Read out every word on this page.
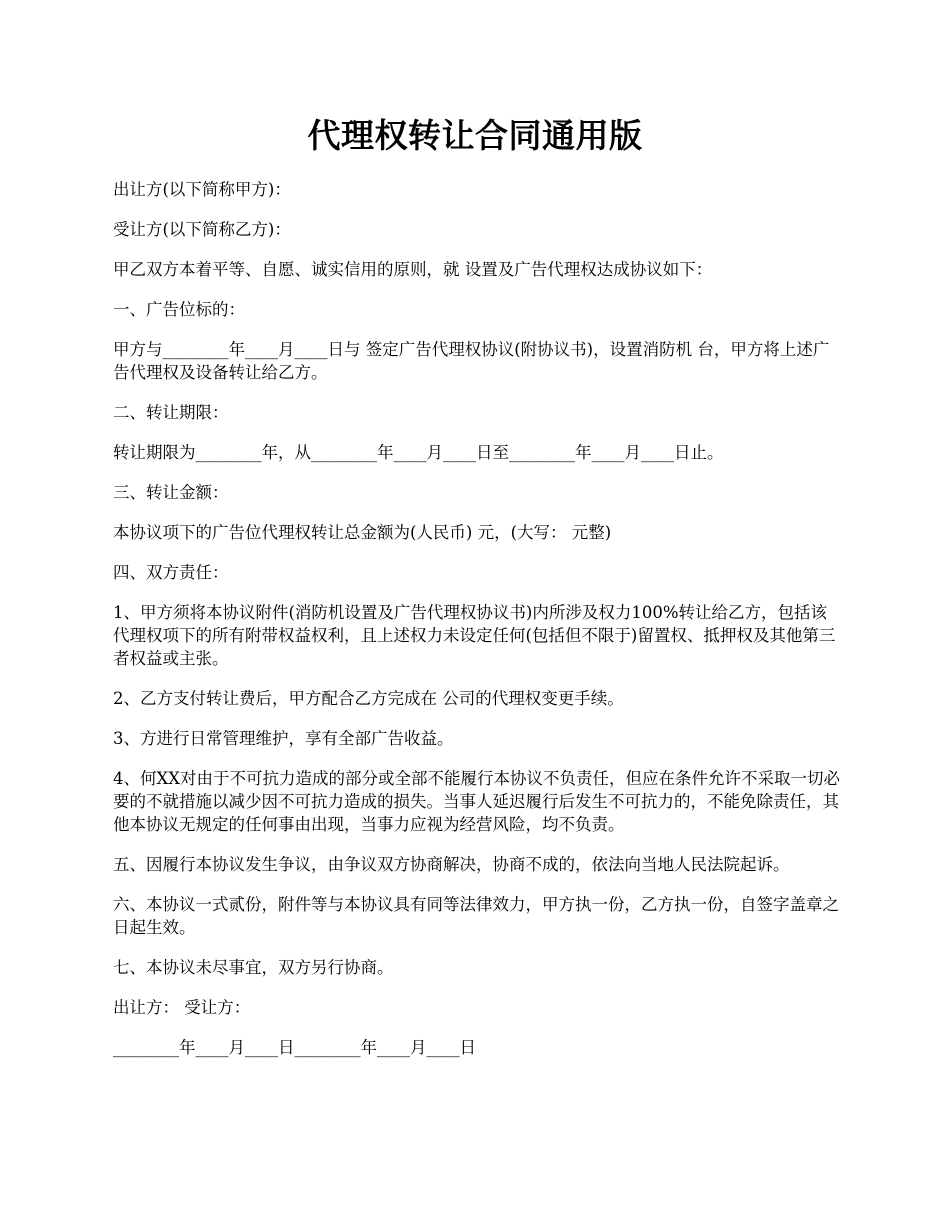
代理权转让合同通用版

出让方(以下简称甲方)：

受让方(以下简称乙方)：

甲乙双方本着平等、自愿、诚实信用的原则，就 设置及广告代理权达成协议如下：

一、广告位标的：

甲方与________年____月____日与 签定广告代理权协议(附协议书)，设置消防机 台，甲方将上述广告代理权及设备转让给乙方。

二、转让期限：

转让期限为________年，从________年____月____日至________年____月____日止。

三、转让金额：

本协议项下的广告位代理权转让总金额为(人民币) 元，(大写： 元整)

四、双方责任：

1、甲方须将本协议附件(消防机设置及广告代理权协议书)内所涉及权力100%转让给乙方，包括该代理权项下的所有附带权益权利，且上述权力未设定任何(包括但不限于)留置权、抵押权及其他第三者权益或主张。

2、乙方支付转让费后，甲方配合乙方完成在 公司的代理权变更手续。

3、方进行日常管理维护，享有全部广告收益。

4、何XX对由于不可抗力造成的部分或全部不能履行本协议不负责任，但应在条件允许不采取一切必要的不就措施以减少因不可抗力造成的损失。当事人延迟履行后发生不可抗力的，不能免除责任，其他本协议无规定的任何事由出现，当事力应视为经营风险，均不负责。

五、因履行本协议发生争议，由争议双方协商解决，协商不成的，依法向当地人民法院起诉。

六、本协议一式贰份，附件等与本协议具有同等法律效力，甲方执一份，乙方执一份，自签字盖章之日起生效。

七、本协议未尽事宜，双方另行协商。

出让方： 受让方：

________年____月____日________年____月____日
